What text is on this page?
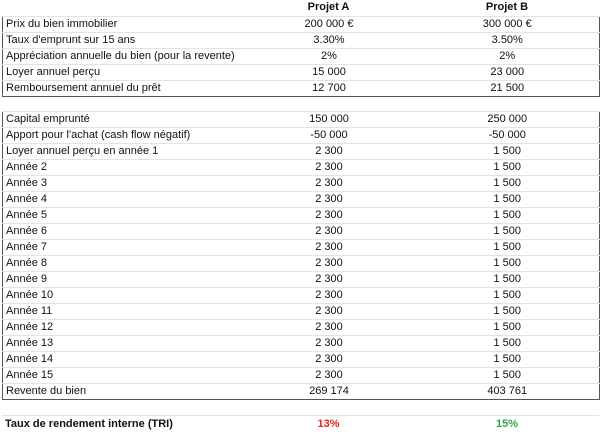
	Projet A	Projet B
Prix du bien immobilier	200 000 €	300 000 €
Taux d'emprunt sur 15 ans	3.30%	3.50%
Appréciation annuelle du bien (pour la revente)	2%	2%
Loyer annuel perçu	15 000	23 000
Remboursement annuel du prêt	12 700	21 500
Capital emprunté	150 000	250 000
Apport pour l'achat (cash flow négatif)	-50 000	-50 000
Loyer annuel perçu en année 1	2 300	1 500
Année 2	2 300	1 500
Année 3	2 300	1 500
Année 4	2 300	1 500
Année 5	2 300	1 500
Année 6	2 300	1 500
Année 7	2 300	1 500
Année 8	2 300	1 500
Année 9	2 300	1 500
Année 10	2 300	1 500
Année 11	2 300	1 500
Année 12	2 300	1 500
Année 13	2 300	1 500
Année 14	2 300	1 500
Année 15	2 300	1 500
Revente du bien	269 174	403 761
Taux de rendement interne (TRI)	13%	15%
